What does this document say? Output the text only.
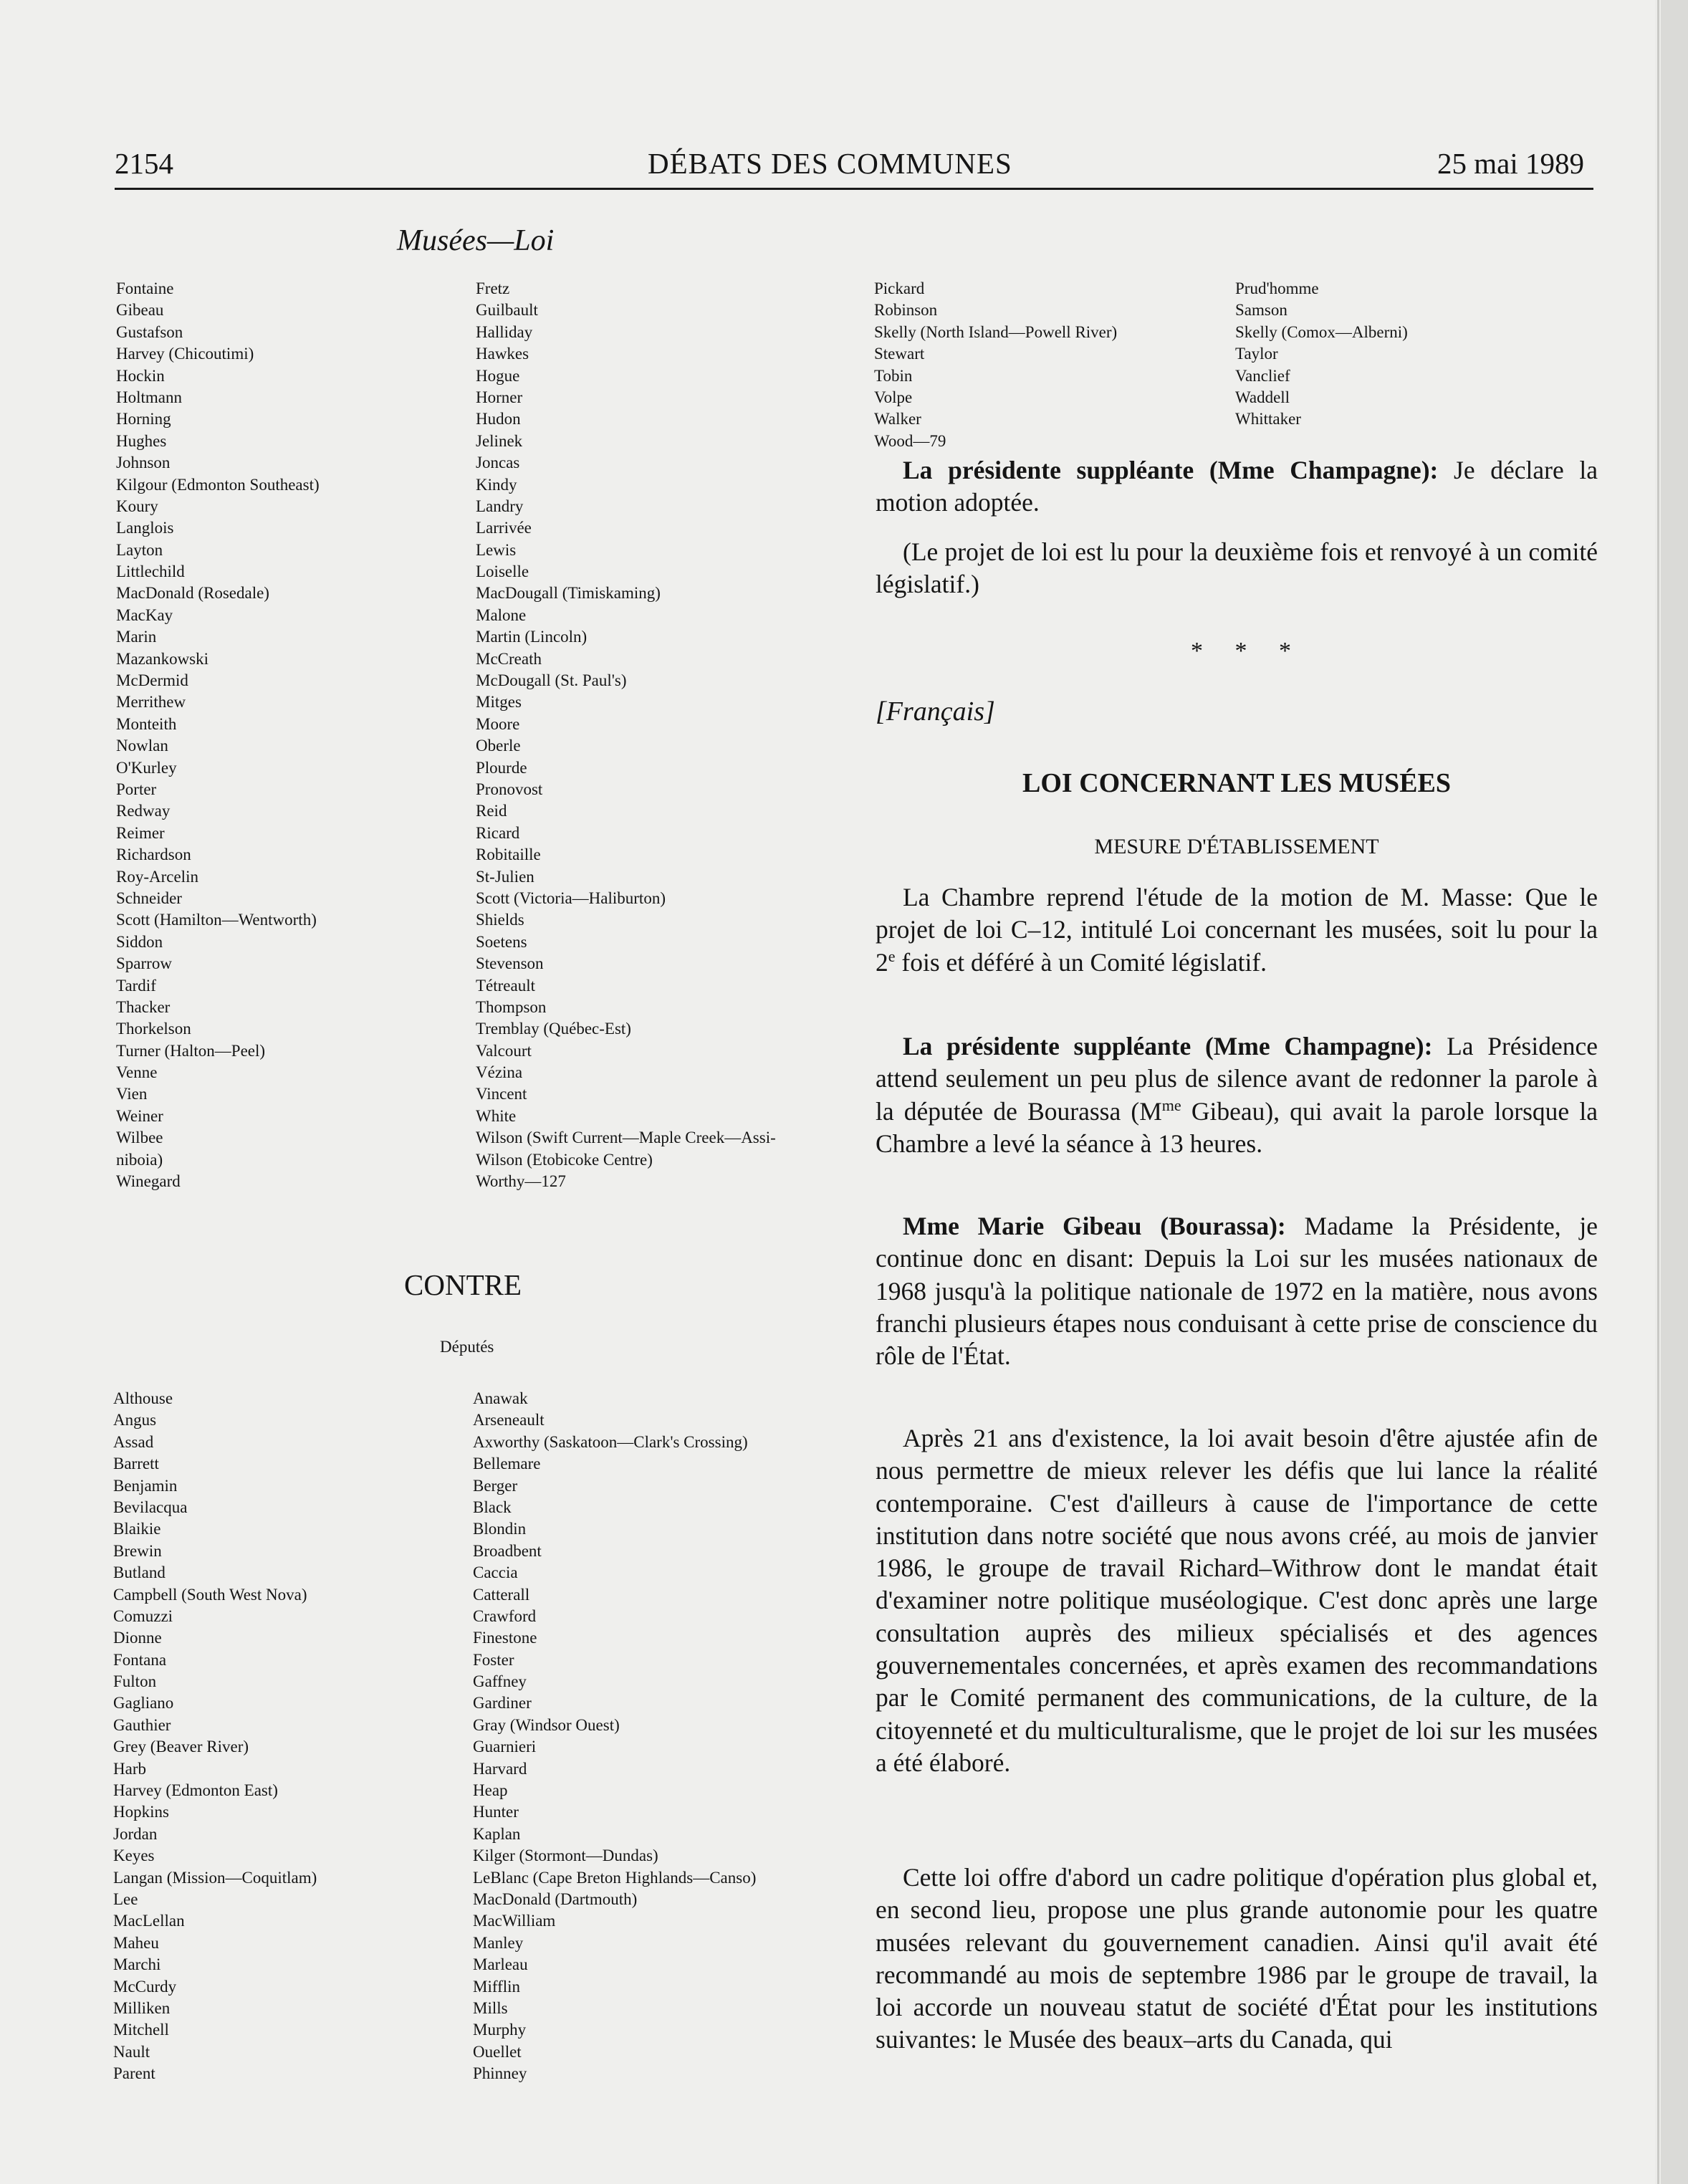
2154	DÉBATS DES COMMUNES	25 mai 1989
Musées—Loi
Fontaine
Gibeau
Gustafson
Harvey (Chicoutimi)
Hockin
Holtmann
Horning
Hughes
Johnson
Kilgour (Edmonton Southeast)
Koury
Langlois
Layton
Littlechild
MacDonald (Rosedale)
MacKay
Marin
Mazankowski
McDermid
Merrithew
Monteith
Nowlan
O'Kurley
Porter
Redway
Reimer
Richardson
Roy-Arcelin
Schneider
Scott (Hamilton—Wentworth)
Siddon
Sparrow
Tardif
Thacker
Thorkelson
Turner (Halton—Peel)
Venne
Vien
Weiner
Wilbee
niboia)
Winegard
Fretz
Guilbault
Halliday
Hawkes
Hogue
Horner
Hudon
Jelinek
Joncas
Kindy
Landry
Larrivée
Lewis
Loiselle
MacDougall (Timiskaming)
Malone
Martin (Lincoln)
McCreath
McDougall (St. Paul's)
Mitges
Moore
Oberle
Plourde
Pronovost
Reid
Ricard
Robitaille
St-Julien
Scott (Victoria—Haliburton)
Shields
Soetens
Stevenson
Tétreault
Thompson
Tremblay (Québec-Est)
Valcourt
Vézina
Vincent
White
Wilson (Swift Current—Maple Creek—Assi-
Wilson (Etobicoke Centre)
Worthy—127
CONTRE
Députés
Althouse
Angus
Assad
Barrett
Benjamin
Bevilacqua
Blaikie
Brewin
Butland
Campbell (South West Nova)
Comuzzi
Dionne
Fontana
Fulton
Gagliano
Gauthier
Grey (Beaver River)
Harb
Harvey (Edmonton East)
Hopkins
Jordan
Keyes
Langan (Mission—Coquitlam)
Lee
MacLellan
Maheu
Marchi
McCurdy
Milliken
Mitchell
Nault
Parent
Anawak
Arseneault
Axworthy (Saskatoon—Clark's Crossing)
Bellemare
Berger
Black
Blondin
Broadbent
Caccia
Catterall
Crawford
Finestone
Foster
Gaffney
Gardiner
Gray (Windsor Ouest)
Guarnieri
Harvard
Heap
Hunter
Kaplan
Kilger (Stormont—Dundas)
LeBlanc (Cape Breton Highlands—Canso)
MacDonald (Dartmouth)
MacWilliam
Manley
Marleau
Mifflin
Mills
Murphy
Ouellet
Phinney
Pickard
Robinson
Skelly (North Island—Powell River)
Stewart
Tobin
Volpe
Walker
Wood—79
Prud'homme
Samson
Skelly (Comox—Alberni)
Taylor
Vanclief
Waddell
Whittaker

La présidente suppléante (Mme Champagne): Je déclare la motion adoptée.

(Le projet de loi est lu pour la deuxième fois et renvoyé à un comité législatif.)

* * *
[Français]
LOI CONCERNANT LES MUSÉES
MESURE D'ÉTABLISSEMENT

La Chambre reprend l'étude de la motion de M. Masse: Que le projet de loi C–12, intitulé Loi concernant les musées, soit lu pour la 2e fois et déféré à un Comité législatif.

La présidente suppléante (Mme Champagne): La Présidence attend seulement un peu plus de silence avant de redonner la parole à la députée de Bourassa ($M^{me}$ Gibeau), qui avait la parole lorsque la Chambre a levé la séance à 13 heures.

Mme Marie Gibeau (Bourassa): Madame la Présidente, je continue donc en disant: Depuis la Loi sur les musées nationaux de 1968 jusqu'à la politique nationale de 1972 en la matière, nous avons franchi plusieurs étapes nous conduisant à cette prise de conscience du rôle de l'État.

Après 21 ans d'existence, la loi avait besoin d'être ajustée afin de nous permettre de mieux relever les défis que lui lance la réalité contemporaine. C'est d'ailleurs à cause de l'importance de cette institution dans notre société que nous avons créé, au mois de janvier 1986, le groupe de travail Richard–Withrow dont le mandat était d'examiner notre politique muséologique. C'est donc après une large consultation auprès des milieux spécialisés et des agences gouvernementales concernées, et après examen des recommandations par le Comité permanent des communications, de la culture, de la citoyenneté et du multiculturalisme, que le projet de loi sur les musées a été élaboré.

Cette loi offre d'abord un cadre politique d'opération plus global et, en second lieu, propose une plus grande autonomie pour les quatre musées relevant du gouvernement canadien. Ainsi qu'il avait été recommandé au mois de septembre 1986 par le groupe de travail, la loi accorde un nouveau statut de société d'État pour les institutions suivantes: le Musée des beaux–arts du Canada, qui
